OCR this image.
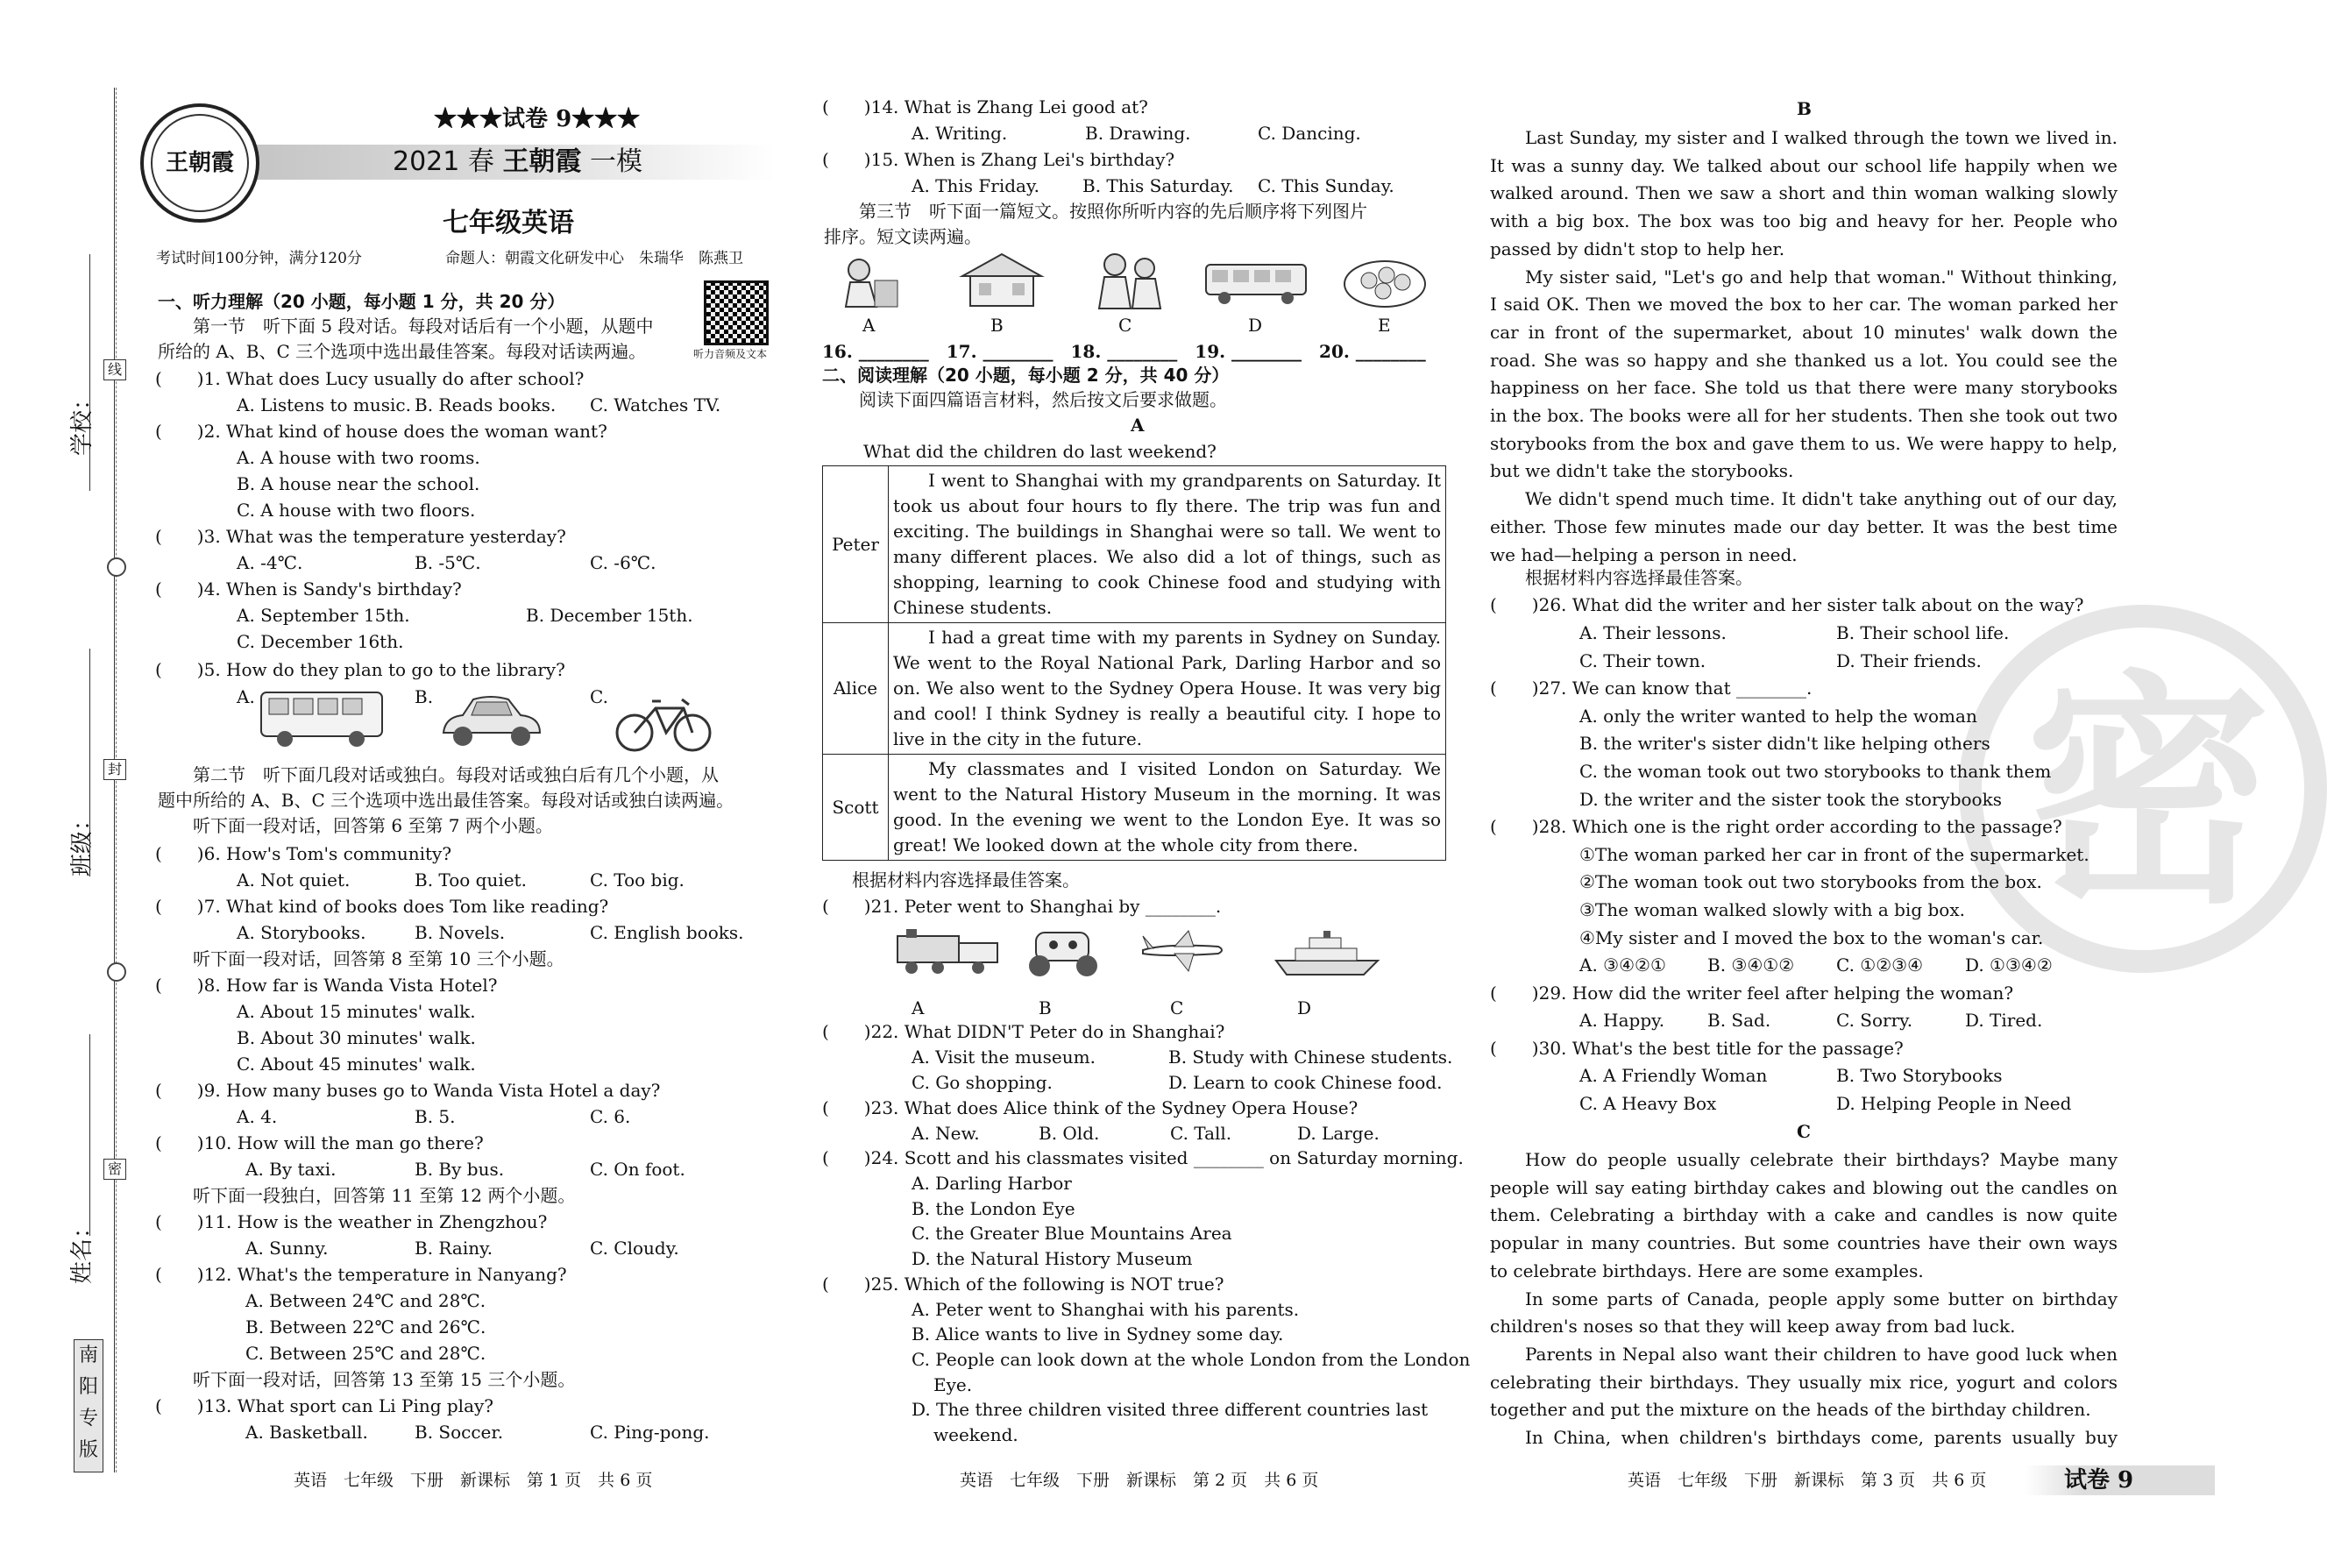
线
封
密
学校：
班级：
姓名：
南
阳
专
版
王朝霞
★★★试卷 9★★★
2021 春 王朝霞 一模
七年级英语
考试时间100分钟，满分120分	命题人：朝霞文化研发中心　朱瑞华　陈燕卫
听力音频及文本
一、听力理解（20 小题，每小题 1 分，共 20 分）
　　第一节　听下面 5 段对话。每段对话后有一个小题，从题中
所给的 A、B、C 三个选项中选出最佳答案。每段对话读两遍。
(　　)1. What does Lucy usually do after school?
A. Listens to music. B. Reads books. C. Watches TV.
(　　)2. What kind of house does the woman want?
A. A house with two rooms.
B. A house near the school.
C. A house with two floors.
(　　)3. What was the temperature yesterday?
A. -4℃.	B. -5℃.	C. -6℃.
(　　)4. When is Sandy's birthday?
A. September 15th.	B. December 15th.
C. December 16th.
(　　)5. How do they plan to go to the library?
A.	B.	C.
　　第二节　听下面几段对话或独白。每段对话或独白后有几个小题，从
题中所给的 A、B、C 三个选项中选出最佳答案。每段对话或独白读两遍。
　　听下面一段对话，回答第 6 至第 7 两个小题。
(　　)6. How's Tom's community?
A. Not quiet.	B. Too quiet.	C. Too big.
(　　)7. What kind of books does Tom like reading?
A. Storybooks.	B. Novels.	C. English books.
　　听下面一段对话，回答第 8 至第 10 三个小题。
(　　)8. How far is Wanda Vista Hotel?
A. About 15 minutes' walk.
B. About 30 minutes' walk.
C. About 45 minutes' walk.
(　　)9. How many buses go to Wanda Vista Hotel a day?
A. 4.	B. 5.	C. 6.
(　　)10. How will the man go there?
A. By taxi.	B. By bus.	C. On foot.
　　听下面一段独白，回答第 11 至第 12 两个小题。
(　　)11. How is the weather in Zhengzhou?
A. Sunny.	B. Rainy.	C. Cloudy.
(　　)12. What's the temperature in Nanyang?
A. Between 24℃ and 28℃.
B. Between 22℃ and 26℃.
C. Between 25℃ and 28℃.
　　听下面一段对话，回答第 13 至第 15 三个小题。
(　　)13. What sport can Li Ping play?
A. Basketball.	B. Soccer.	C. Ping-pong.
英语　七年级　下册　新课标　第 1 页　共 6 页
(　　)14. What is Zhang Lei good at?
A. Writing.	B. Drawing.	C. Dancing.
(　　)15. When is Zhang Lei's birthday?
A. This Friday. B. This Saturday. C. This Sunday.
　　第三节　听下面一篇短文。按照你所听内容的先后顺序将下列图片
排序。短文读两遍。
A	B	C	D	E
16. ________　17. ________　18. ________　19. ________　20. ________
二、阅读理解（20 小题，每小题 2 分，共 40 分）
　　阅读下面四篇语言材料，然后按文后要求做题。
A
What did the children do last weekend?
Peter	I went to Shanghai with my grandparents on Saturday. It took us about four hours to fly there. The trip was fun and exciting. The buildings in Shanghai were so tall. We went to many different places. We also did a lot of things, such as shopping, learning to cook Chinese food and studying with Chinese students.
Alice	I had a great time with my parents in Sydney on Sunday. We went to the Royal National Park, Darling Harbor and so on. We also went to the Sydney Opera House. It was very big and cool! I think Sydney is really a beautiful city. I hope to live in the city in the future.
Scott	My classmates and I visited London on Saturday. We went to the Natural History Museum in the morning. It was good. In the evening we went to the London Eye. It was so great! We looked down at the whole city from there.
根据材料内容选择最佳答案。
(　　)21. Peter went to Shanghai by ________.
A	B	C	D
(　　)22. What DIDN'T Peter do in Shanghai?
A. Visit the museum.	B. Study with Chinese students.
C. Go shopping.	D. Learn to cook Chinese food.
(　　)23. What does Alice think of the Sydney Opera House?
A. New.	B. Old.	C. Tall.	D. Large.
(　　)24. Scott and his classmates visited ________ on Saturday morning.
A. Darling Harbor
B. the London Eye
C. the Greater Blue Mountains Area
D. the Natural History Museum
(　　)25. Which of the following is NOT true?
A. Peter went to Shanghai with his parents.
B. Alice wants to live in Sydney some day.
C. People can look down at the whole London from the London
Eye.
D. The three children visited three different countries last
weekend.
英语　七年级　下册　新课标　第 2 页　共 6 页
密
B

Last Sunday, my sister and I walked through the town we lived in. It was a sunny day. We talked about our school life happily when we walked around. Then we saw a short and thin woman walking slowly with a big box. The box was too big and heavy for her. People who passed by didn't stop to help her.

My sister said, "Let's go and help that woman." Without thinking, I said OK. Then we moved the box to her car. The woman parked her car in front of the supermarket, about 10 minutes' walk down the road. She was so happy and she thanked us a lot. You could see the happiness on her face. She told us that there were many storybooks in the box. The books were all for her students. Then she took out two storybooks from the box and gave them to us. We were happy to help, but we didn't take the storybooks.

We didn't spend much time. It didn't take anything out of our day, either. Those few minutes made our day better. It was the best time we had—helping a person in need.

　　根据材料内容选择最佳答案。
(　　)26. What did the writer and her sister talk about on the way?
A. Their lessons.	B. Their school life.
C. Their town.	D. Their friends.
(　　)27. We can know that ________.
A. only the writer wanted to help the woman
B. the writer's sister didn't like helping others
C. the woman took out two storybooks to thank them
D. the writer and the sister took the storybooks
(　　)28. Which one is the right order according to the passage?
①The woman parked her car in front of the supermarket.
②The woman took out two storybooks from the box.
③The woman walked slowly with a big box.
④My sister and I moved the box to the woman's car.
A. ③④②① B. ③④①② C. ①②③④ D. ①③④②
(　　)29. How did the writer feel after helping the woman?
A. Happy. B. Sad.	C. Sorry.	D. Tired.
(　　)30. What's the best title for the passage?
A. A Friendly Woman	B. Two Storybooks
C. A Heavy Box	D. Helping People in Need
C

How do people usually celebrate their birthdays? Maybe many people will say eating birthday cakes and blowing out the candles on them. Celebrating a birthday with a cake and candles is now quite popular in many countries. But some countries have their own ways to celebrate birthdays. Here are some examples.

In some parts of Canada, people apply some butter on birthday children's noses so that they will keep away from bad luck.

Parents in Nepal also want their children to have good luck when celebrating their birthdays. They usually mix rice, yogurt and colors together and put the mixture on the heads of the birthday children.

In China, when children's birthdays come, parents usually buy

英语　七年级　下册　新课标　第 3 页　共 6 页	试卷 9
